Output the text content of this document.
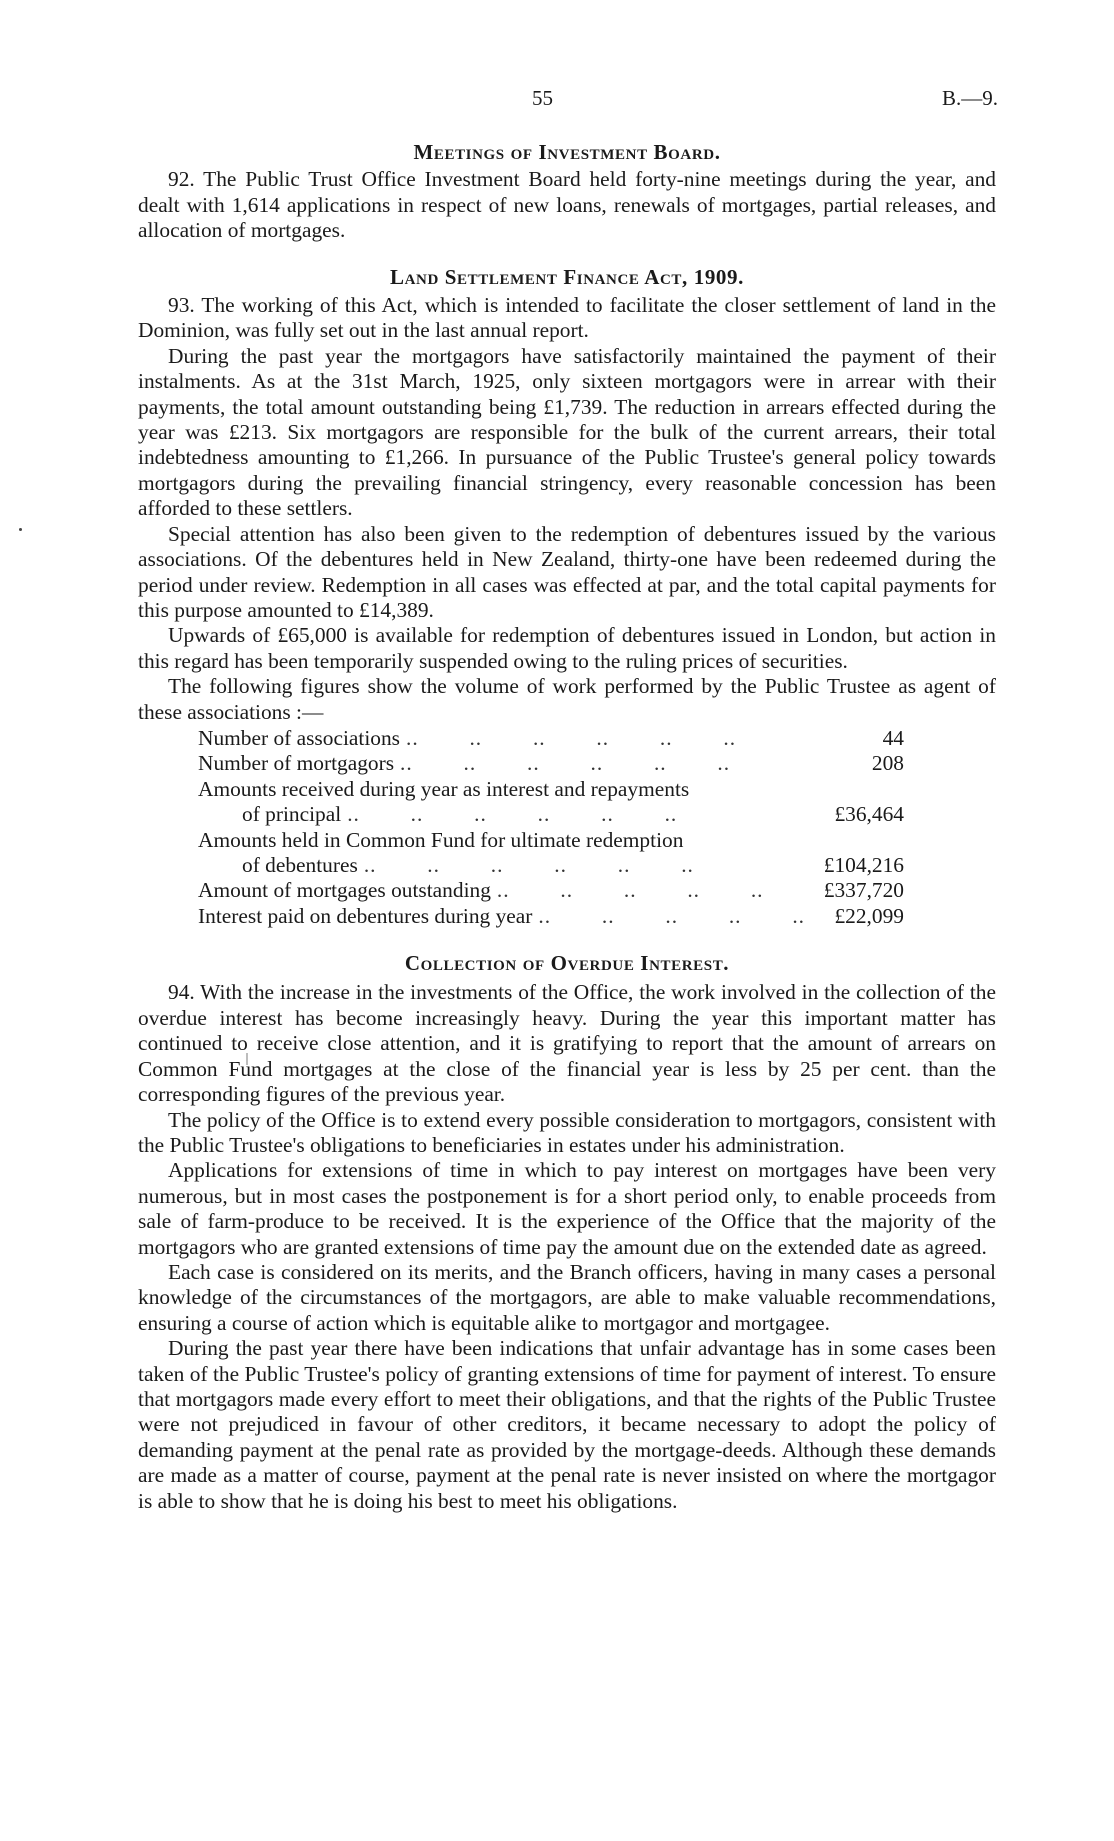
55	B.—9.
Meetings of Investment Board.

92. The Public Trust Office Investment Board held forty-nine meetings during the year, and dealt with 1,614 applications in respect of new loans, renewals of mortgages, partial releases, and allocation of mortgages.

Land Settlement Finance Act, 1909.

93. The working of this Act, which is intended to facilitate the closer settlement of land in the Dominion, was fully set out in the last annual report.

During the past year the mortgagors have satisfactorily maintained the payment of their instalments. As at the 31st March, 1925, only sixteen mortgagors were in arrear with their payments, the total amount outstanding being £1,739. The reduction in arrears effected during the year was £213. Six mortgagors are responsible for the bulk of the current arrears, their total indebtedness amounting to £1,266. In pursuance of the Public Trustee's general policy towards mortgagors during the prevailing financial stringency, every reasonable concession has been afforded to these settlers.

Special attention has also been given to the redemption of debentures issued by the various associations. Of the debentures held in New Zealand, thirty-one have been redeemed during the period under review. Redemption in all cases was effected at par, and the total capital payments for this purpose amounted to £14,389.

Upwards of £65,000 is available for redemption of debentures issued in London, but action in this regard has been temporarily suspended owing to the ruling prices of securities.

The following figures show the volume of work performed by the Public Trustee as agent of these associations :—

Number of associations ..	44
Number of mortgagors ..	208
Amounts received during year as interest and repayments
of principal ..	£36,464
Amounts held in Common Fund for ultimate redemption
of debentures ..	£104,216
Amount of mortgages outstanding ..	£337,720
Interest paid on debentures during year ..	£22,099
Collection of Overdue Interest.

94. With the increase in the investments of the Office, the work involved in the collection of the overdue interest has become increasingly heavy. During the year this important matter has continued to receive close attention, and it is gratifying to report that the amount of arrears on Common Fund mortgages at the close of the financial year is less by 25 per cent. than the corresponding figures of the previous year.

The policy of the Office is to extend every possible consideration to mortgagors, consistent with the Public Trustee's obligations to beneficiaries in estates under his administration.

Applications for extensions of time in which to pay interest on mortgages have been very numerous, but in most cases the postponement is for a short period only, to enable proceeds from sale of farm-produce to be received. It is the experience of the Office that the majority of the mortgagors who are granted extensions of time pay the amount due on the extended date as agreed.

Each case is considered on its merits, and the Branch officers, having in many cases a personal knowledge of the circumstances of the mortgagors, are able to make valuable recommendations, ensuring a course of action which is equitable alike to mortgagor and mortgagee.

During the past year there have been indications that unfair advantage has in some cases been taken of the Public Trustee's policy of granting extensions of time for payment of interest. To ensure that mortgagors made every effort to meet their obligations, and that the rights of the Public Trustee were not prejudiced in favour of other creditors, it became necessary to adopt the policy of demanding payment at the penal rate as provided by the mortgage-deeds. Although these demands are made as a matter of course, payment at the penal rate is never insisted on where the mortgagor is able to show that he is doing his best to meet his obligations.
